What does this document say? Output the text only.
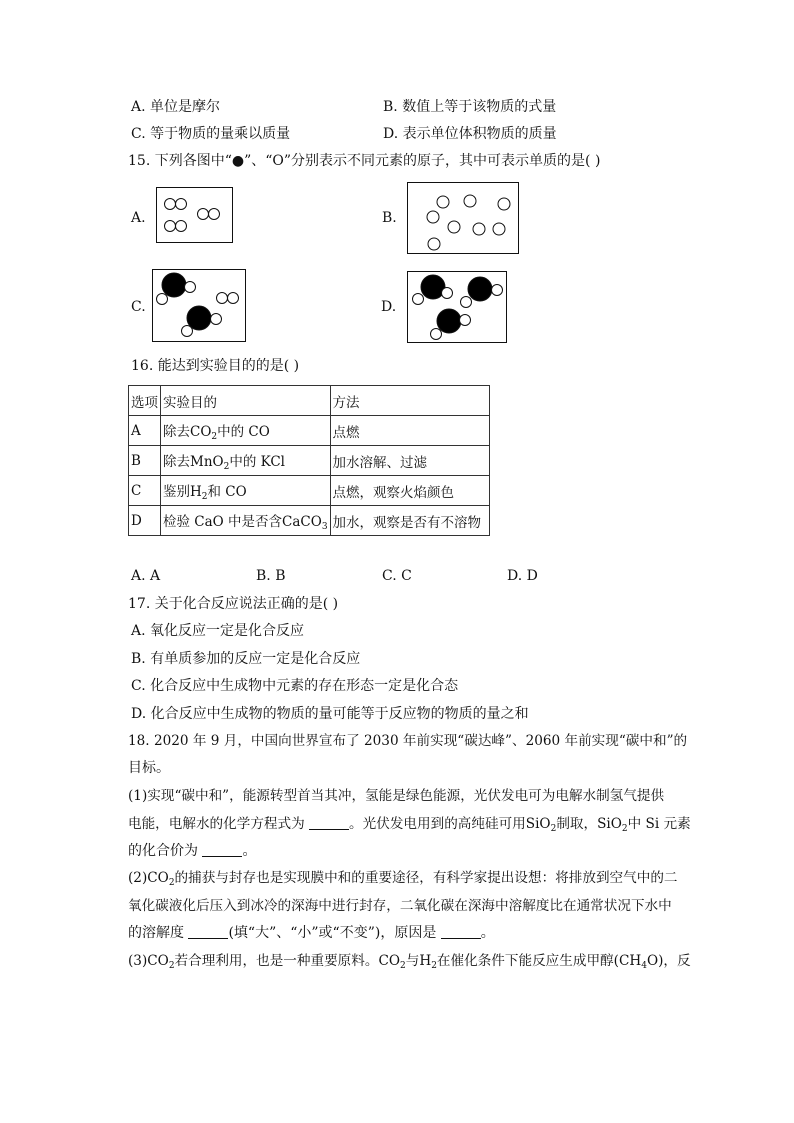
A. 单位是摩尔	B. 数值上等于该物质的式量
C. 等于物质的量乘以质量	D. 表示单位体积物质的质量
15. 下列各图中“●”、“O”分别表示不同元素的原子，其中可表示单质的是( )
A.	B.
C.	D.
16. 能达到实验目的的是( )
选项	实验目的	方法
A	除去$CO_2$中的 CO	点燃
B	除去MnO$_2$中的 KCl	加水溶解、过滤
C	鉴别$H_2$和 CO	点燃，观察火焰颜色
D	检验 CaO 中是否含CaCO$_3$	加水，观察是否有不溶物
A. A	B. B	C. C	D. D
17. 关于化合反应说法正确的是( )
A. 氧化反应一定是化合反应
B. 有单质参加的反应一定是化合反应
C. 化合反应中生成物中元素的存在形态一定是化合态
D. 化合反应中生成物的物质的量可能等于反应物的物质的量之和
18. 2020 年 9 月，中国向世界宣布了 2030 年前实现“碳达峰”、2060 年前实现“碳中和”的
目标。
(1)实现“碳中和”，能源转型首当其冲，氢能是绿色能源，光伏发电可为电解水制氢气提供
电能，电解水的化学方程式为	。光伏发电用到的高纯硅可用SiO$_2$制取，SiO$_2$中 Si 元素
的化合价为	。
$(2)CO_2$的捕获与封存也是实现膜中和的重要途径，有科学家提出设想：将排放到空气中的二
氧化碳液化后压入到冰冷的深海中进行封存，二氧化碳在深海中溶解度比在通常状况下水中
的溶解度	(填“大”、“小”或“不变”)，原因是	。
$(3)CO_2$若合理利用，也是一种重要原料。$CO_2$与$H_2$在催化条件下能反应生成甲醇$(CH_4O)$，反
